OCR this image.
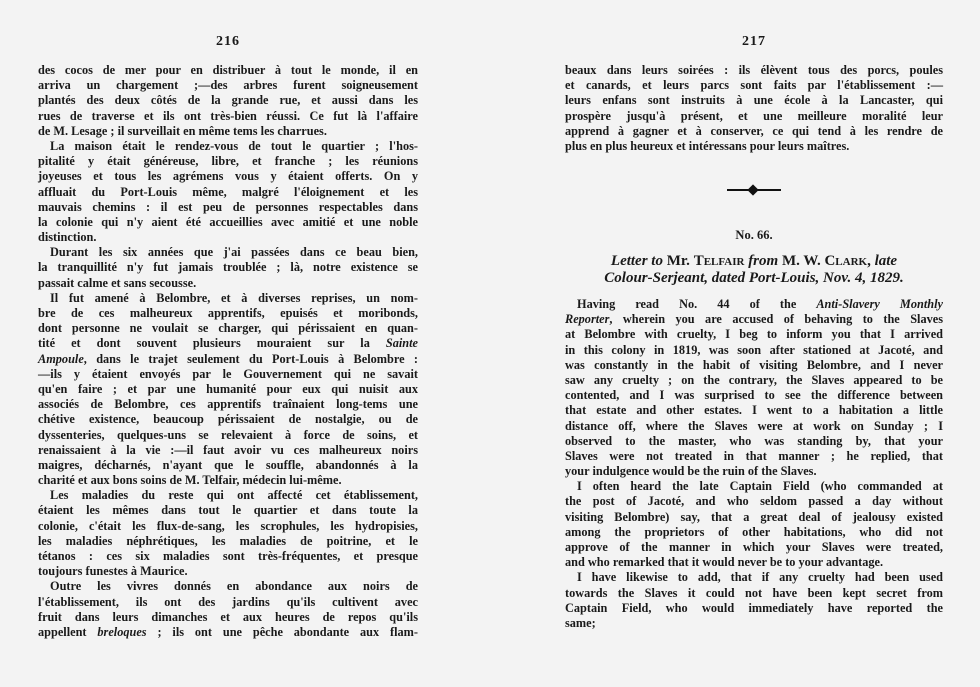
216
des cocos de mer pour en distribuer à tout le monde, il en
arriva un chargement ;—des arbres furent soigneusement
plantés des deux côtés de la grande rue, et aussi dans les
rues de traverse et ils ont très-bien réussi. Ce fut là l'affaire
de M. Lesage ; il surveillait en même tems les charrues.
La maison était le rendez-vous de tout le quartier ; l'hos-
pitalité y était généreuse, libre, et franche ; les réunions
joyeuses et tous les agrémens vous y étaient offerts. On y
affluait du Port-Louis même, malgré l'éloignement et les
mauvais chemins : il est peu de personnes respectables dans
la colonie qui n'y aient été accueillies avec amitié et une noble
distinction.
Durant les six années que j'ai passées dans ce beau bien,
la tranquillité n'y fut jamais troublée ; là, notre existence se
passait calme et sans secousse.
Il fut amené à Belombre, et à diverses reprises, un nom-
bre de ces malheureux apprentifs, epuisés et moribonds,
dont personne ne voulait se charger, qui périssaient en quan-
tité et dont souvent plusieurs mouraient sur la Sainte
Ampoule, dans le trajet seulement du Port-Louis à Belombre :
—ils y étaient envoyés par le Gouvernement qui ne savait
qu'en faire ; et par une humanité pour eux qui nuisit aux
associés de Belombre, ces apprentifs traînaient long-tems une
chétive existence, beaucoup périssaient de nostalgie, ou de
dyssenteries, quelques-uns se relevaient à force de soins, et
renaissaient à la vie :—il faut avoir vu ces malheureux noirs
maigres, décharnés, n'ayant que le souffle, abandonnés à la
charité et aux bons soins de M. Telfair, médecin lui-même.
Les maladies du reste qui ont affecté cet établissement,
étaient les mêmes dans tout le quartier et dans toute la
colonie, c'était les flux-de-sang, les scrophules, les hydropisies,
les maladies néphrétiques, les maladies de poitrine, et le
tétanos : ces six maladies sont très-fréquentes, et presque
toujours funestes à Maurice.
Outre les vivres donnés en abondance aux noirs de
l'établissement, ils ont des jardins qu'ils cultivent avec
fruit dans leurs dimanches et aux heures de repos qu'ils
appellent breloques ; ils ont une pêche abondante aux flam-
217
beaux dans leurs soirées : ils élèvent tous des porcs, poules
et canards, et leurs parcs sont faits par l'établissement :—
leurs enfans sont instruits à une école à la Lancaster, qui
prospère jusqu'à présent, et une meilleure moralité leur
apprend à gagner et à conserver, ce qui tend à les rendre de
plus en plus heureux et intéressans pour leurs maîtres.
No. 66.
Letter to Mr. Telfair from M. W. Clark, late
Colour-Serjeant, dated Port-Louis, Nov. 4, 1829.
Having read No. 44 of the Anti-Slavery Monthly
Reporter, wherein you are accused of behaving to the Slaves
at Belombre with cruelty, I beg to inform you that I arrived
in this colony in 1819, was soon after stationed at Jacoté, and
was constantly in the habit of visiting Belombre, and I never
saw any cruelty ; on the contrary, the Slaves appeared to be
contented, and I was surprised to see the difference between
that estate and other estates. I went to a habitation a little
distance off, where the Slaves were at work on Sunday ; I
observed to the master, who was standing by, that your
Slaves were not treated in that manner ; he replied, that
your indulgence would be the ruin of the Slaves.
I often heard the late Captain Field (who commanded at
the post of Jacoté, and who seldom passed a day without
visiting Belombre) say, that a great deal of jealousy existed
among the proprietors of other habitations, who did not
approve of the manner in which your Slaves were treated,
and who remarked that it would never be to your advantage.
I have likewise to add, that if any cruelty had been used
towards the Slaves it could not have been kept secret from
Captain Field, who would immediately have reported the
same;
